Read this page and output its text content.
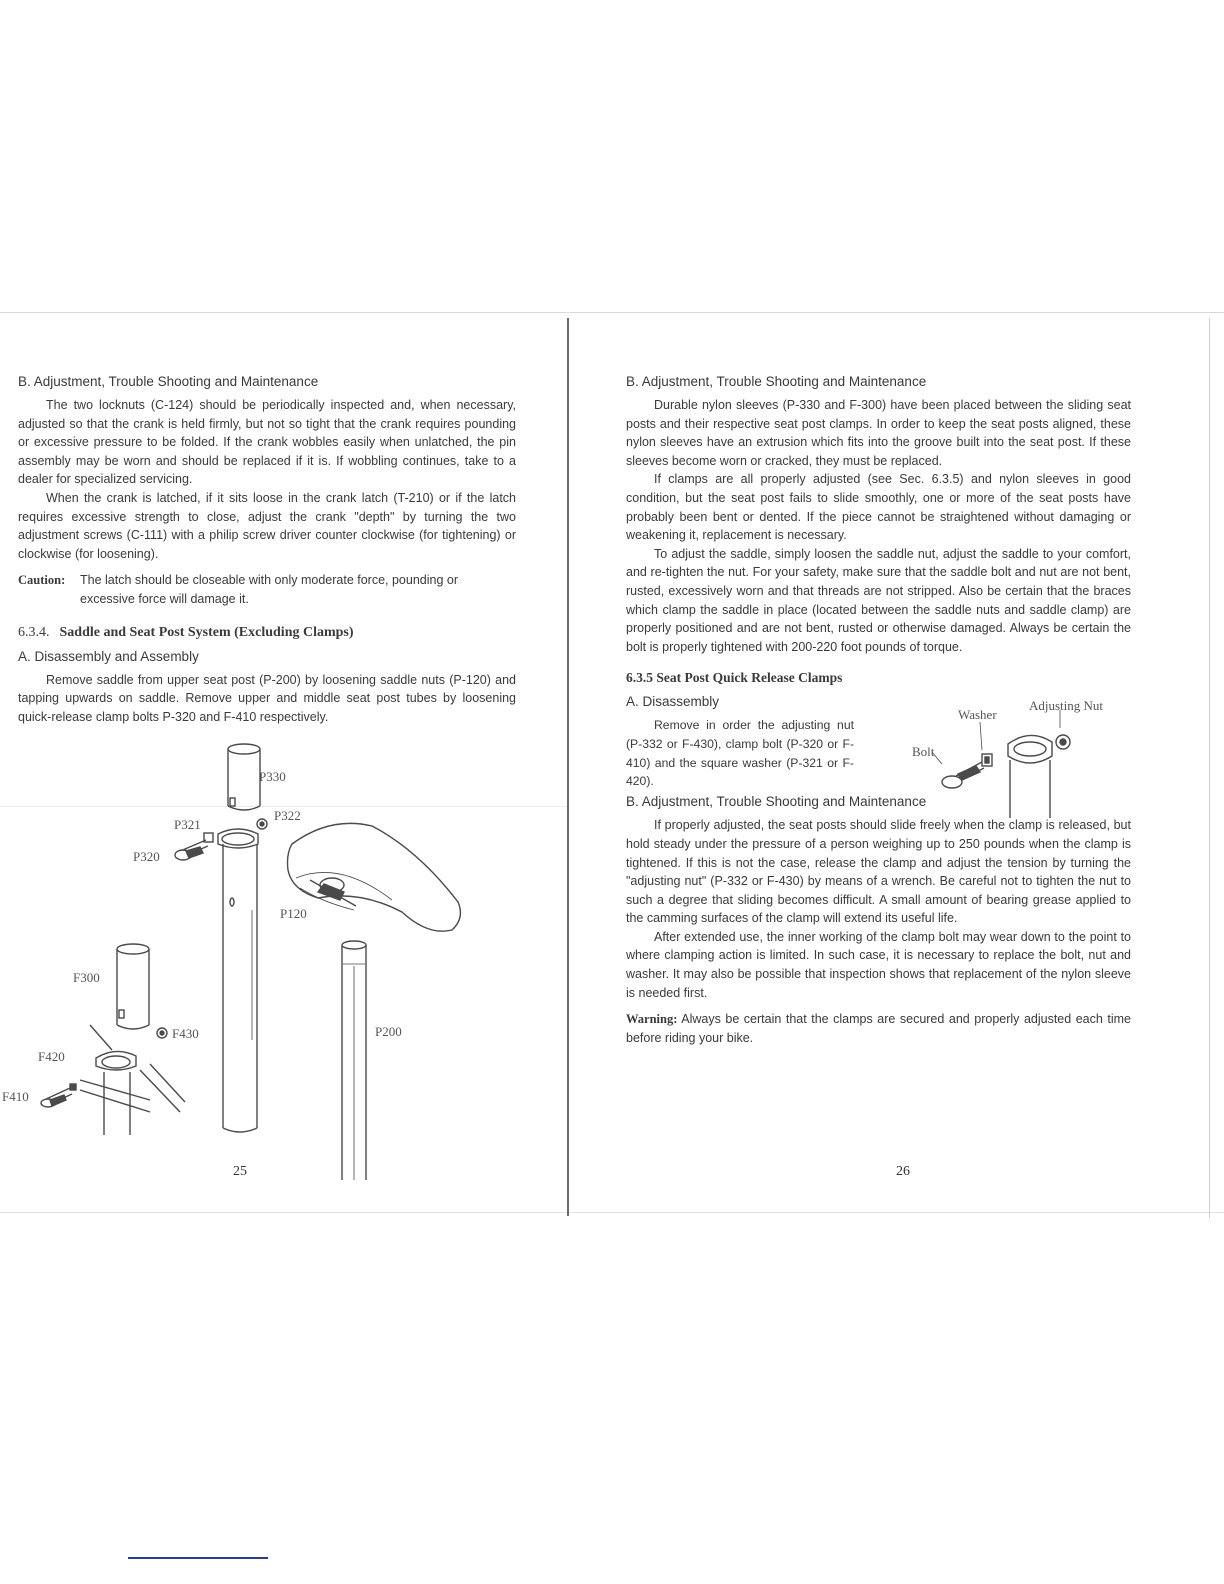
B. Adjustment, Trouble Shooting and Maintenance

The two locknuts (C-124) should be periodically inspected and, when necessary, adjusted so that the crank is held firmly, but not so tight that the crank requires pounding or excessive pressure to be folded. If the crank wobbles easily when unlatched, the pin assembly may be worn and should be replaced if it is. If wobbling continues, take to a dealer for specialized servicing.

When the crank is latched, if it sits loose in the crank latch (T-210) or if the latch requires excessive strength to close, adjust the crank "depth" by turning the two adjustment screws (C-111) with a philip screw driver counter clockwise (for tightening) or clockwise (for loosening).

Caution:	The latch should be closeable with only moderate force, pounding or excessive force will damage it.

6.3.4. Saddle and Seat Post System (Excluding Clamps)

A. Disassembly and Assembly

Remove saddle from upper seat post (P-200) by loosening saddle nuts (P-120) and tapping upwards on saddle. Remove upper and middle seat post tubes by loosening quick-release clamp bolts P-320 and F-410 respectively.

P330
P321
P322
P320
P120
F300
F430	P200
F420
F410
25

B. Adjustment, Trouble Shooting and Maintenance

Durable nylon sleeves (P-330 and F-300) have been placed between the sliding seat posts and their respective seat post clamps. In order to keep the seat posts aligned, these nylon sleeves have an extrusion which fits into the groove built into the seat post. If these sleeves become worn or cracked, they must be replaced.

If clamps are all properly adjusted (see Sec. 6.3.5) and nylon sleeves in good condition, but the seat post fails to slide smoothly, one or more of the seat posts have probably been bent or dented. If the piece cannot be straightened without damaging or weakening it, replacement is necessary.

To adjust the saddle, simply loosen the saddle nut, adjust the saddle to your comfort, and re-tighten the nut. For your safety, make sure that the saddle bolt and nut are not bent, rusted, excessively worn and that threads are not stripped. Also be certain that the braces which clamp the saddle in place (located between the saddle nuts and saddle clamp) are properly positioned and are not bent, rusted or otherwise damaged. Always be certain the bolt is properly tightened with 200-220 foot pounds of torque.

6.3.5 Seat Post Quick Release Clamps

A. Disassembly

Remove in order the adjusting nut (P-332 or F-430), clamp bolt (P-320 or F-410) and the square washer (P-321 or F-420).

B. Adjustment, Trouble Shooting and Maintenance

If properly adjusted, the seat posts should slide freely when the clamp is released, but hold steady under the pressure of a person weighing up to 250 pounds when the clamp is tightened. If this is not the case, release the clamp and adjust the tension by turning the "adjusting nut" (P-332 or F-430) by means of a wrench. Be careful not to tighten the nut to such a degree that sliding becomes difficult. A small amount of bearing grease applied to the camming surfaces of the clamp will extend its useful life.

After extended use, the inner working of the clamp bolt may wear down to the point to where clamping action is limited. In such case, it is necessary to replace the bolt, nut and washer. It may also be possible that inspection shows that replacement of the nylon sleeve is needed first.

Warning: Always be certain that the clamps are secured and properly adjusted each time before riding your bike.

Washer
Adjusting Nut
Bolt
26
